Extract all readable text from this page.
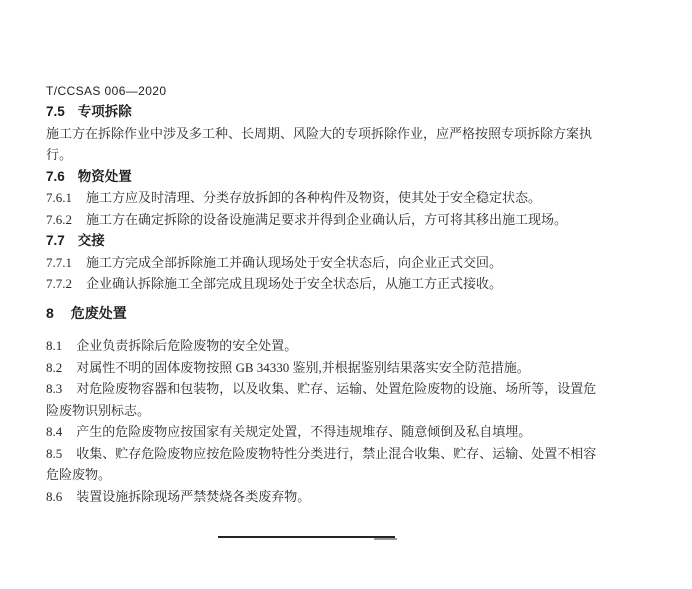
T/CCSAS 006—2020
7.5 专项拆除
施工方在拆除作业中涉及多工种、长周期、风险大的专项拆除作业，应严格按照专项拆除方案执行。
7.6 物资处置
7.6.1 施工方应及时清理、分类存放拆卸的各种构件及物资，使其处于安全稳定状态。
7.6.2 施工方在确定拆除的设备设施满足要求并得到企业确认后，方可将其移出施工现场。
7.7 交接
7.7.1 施工方完成全部拆除施工并确认现场处于安全状态后，向企业正式交回。
7.7.2 企业确认拆除施工全部完成且现场处于安全状态后，从施工方正式接收。
8 危废处置
8.1 企业负责拆除后危险废物的安全处置。
8.2 对属性不明的固体废物按照 GB 34330 鉴别,并根据鉴别结果落实安全防范措施。
8.3 对危险废物容器和包装物，以及收集、贮存、运输、处置危险废物的设施、场所等，设置危险废物识别标志。
8.4 产生的危险废物应按国家有关规定处置，不得违规堆存、随意倾倒及私自填埋。
8.5 收集、贮存危险废物应按危险废物特性分类进行，禁止混合收集、贮存、运输、处置不相容危险废物。
8.6 装置设施拆除现场严禁焚烧各类废弃物。
